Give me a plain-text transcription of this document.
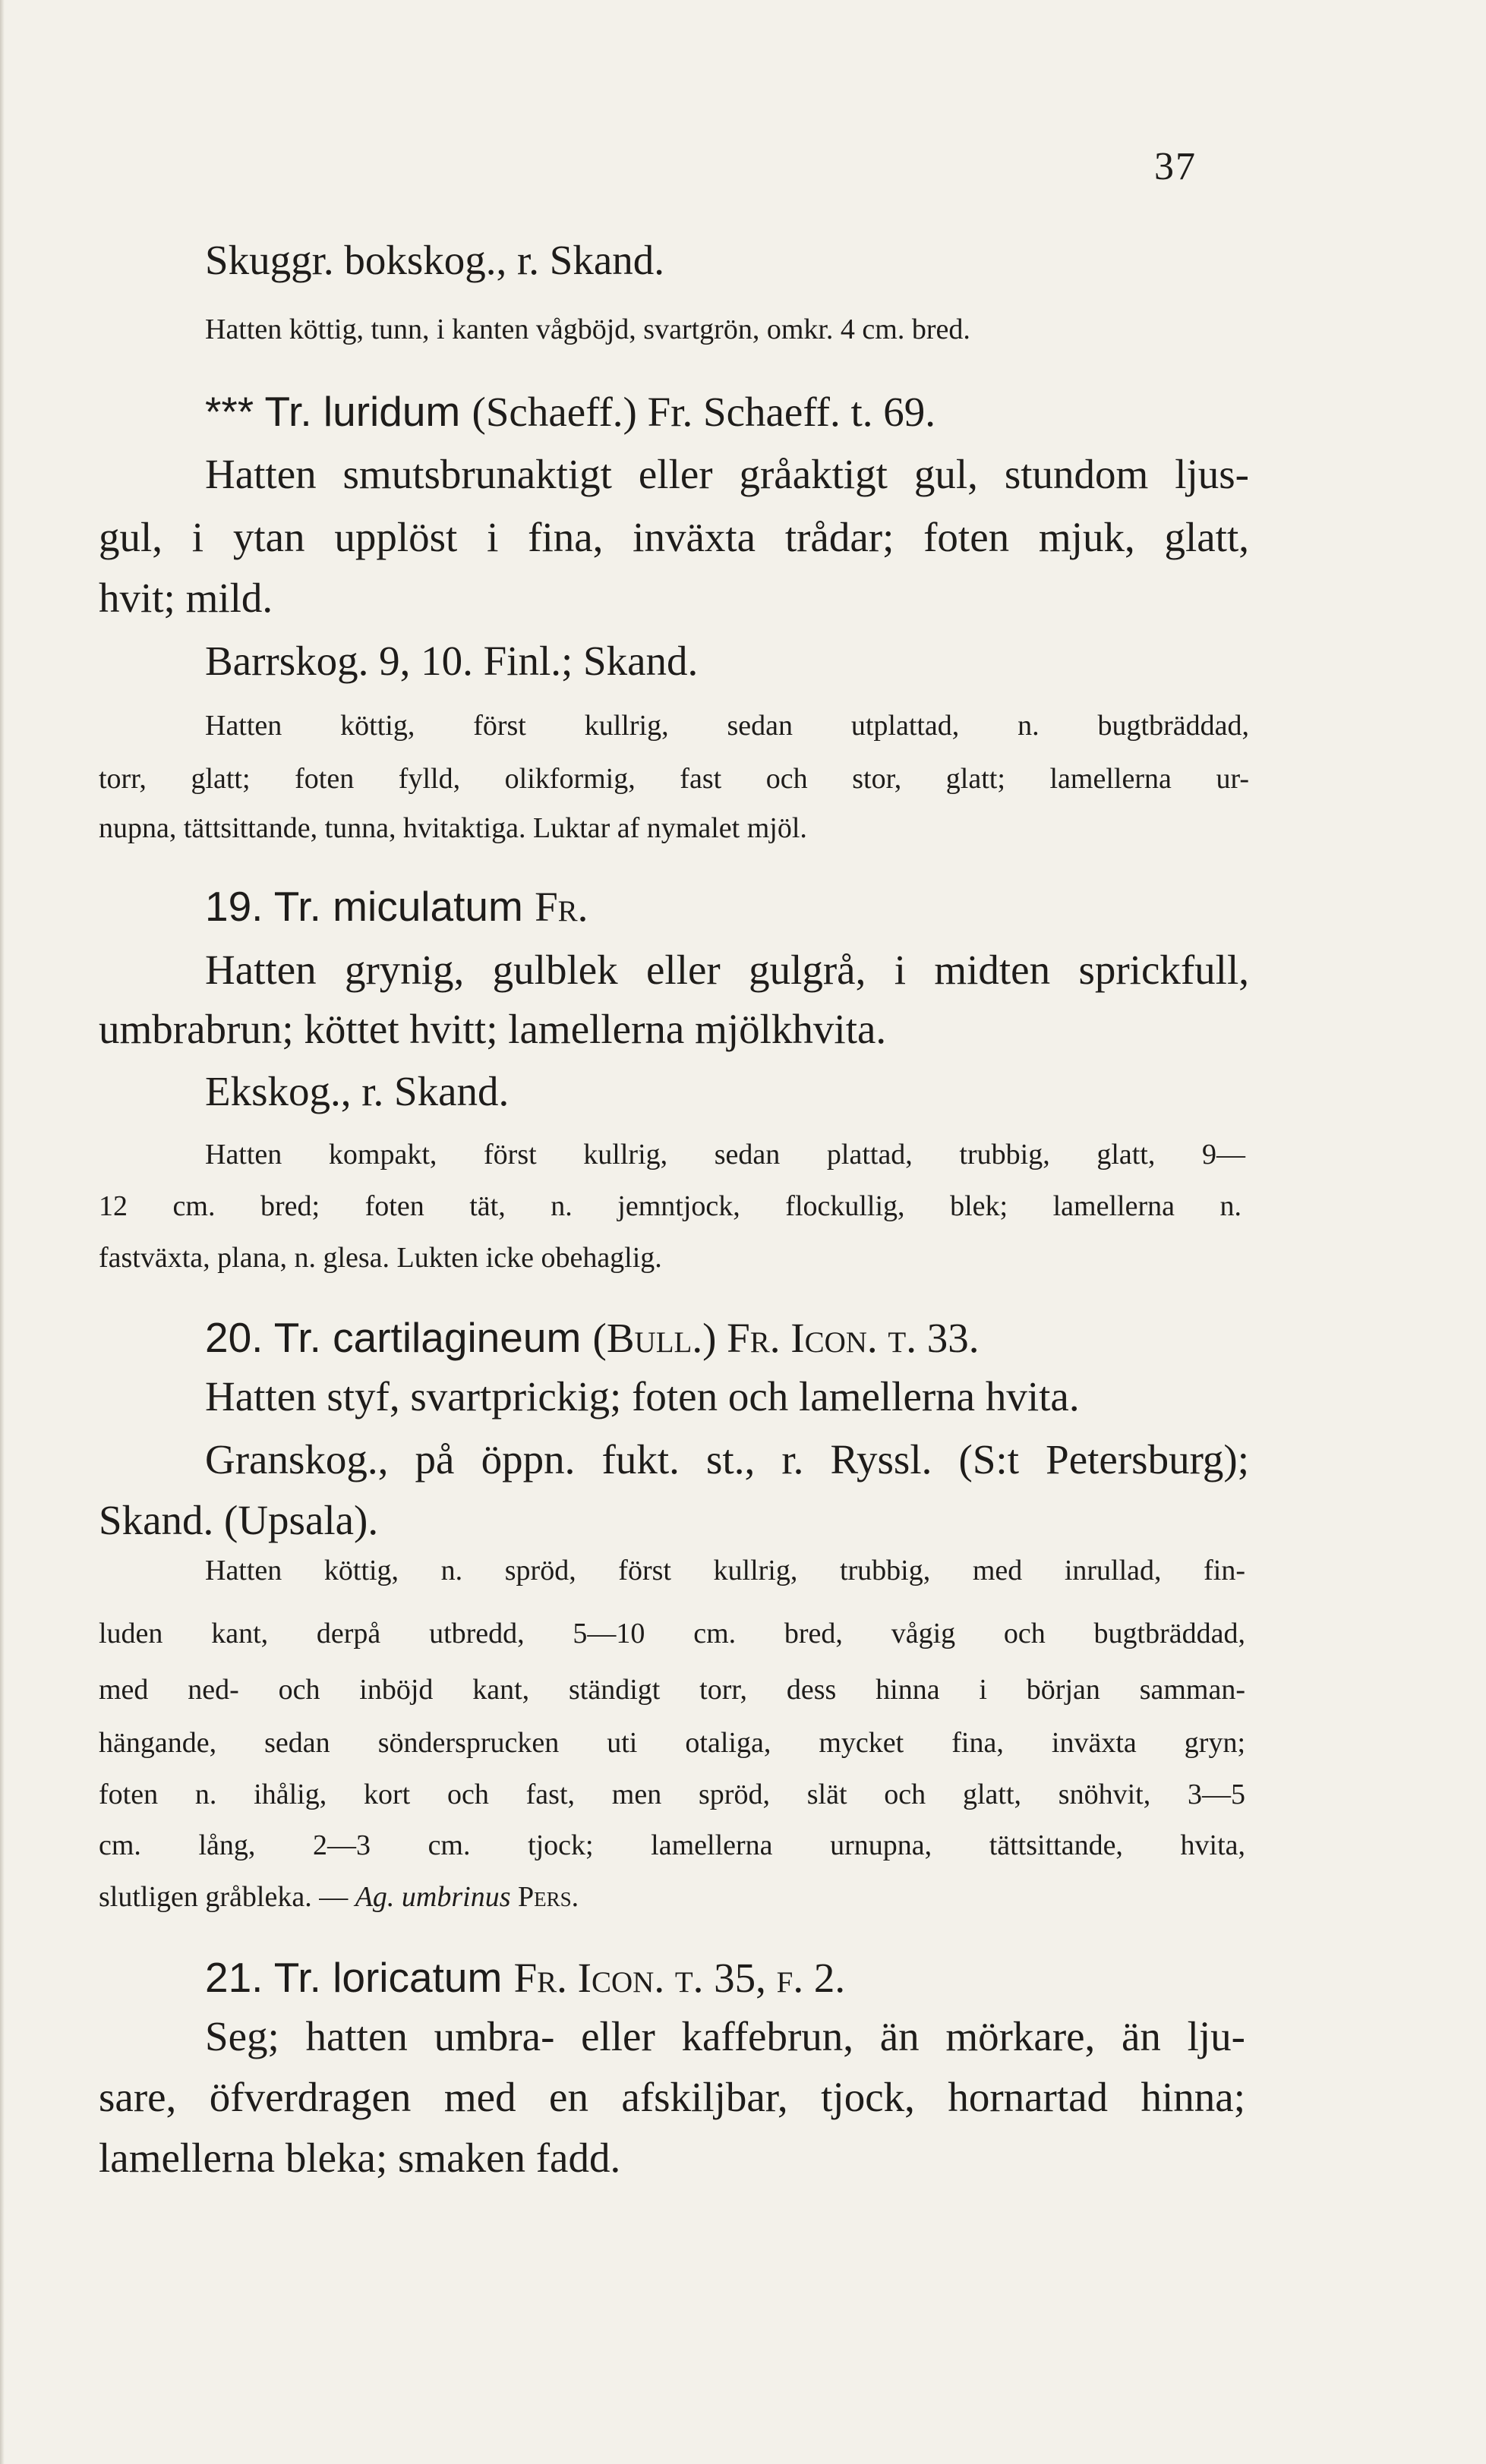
37
Skuggr. bokskog., r. Skand.
Hatten köttig, tunn, i kanten vågböjd, svartgrön, omkr. 4 cm. bred.
*** Tr. luridum (Schaeff.) Fr. Schaeff. t. 69.
Hatten smutsbrunaktigt eller gråaktigt gul, stundom ljus-
gul, i ytan upplöst i fina, inväxta trådar; foten mjuk, glatt,
hvit; mild.
Barrskog. 9, 10. Finl.; Skand.
Hatten köttig, först kullrig, sedan utplattad, n. bugtbräddad,
torr, glatt; foten fylld, olikformig, fast och stor, glatt; lamellerna ur-
nupna, tättsittande, tunna, hvitaktiga. Luktar af nymalet mjöl.
19. Tr. miculatum Fr.
Hatten grynig, gulblek eller gulgrå, i midten sprickfull,
umbrabrun; köttet hvitt; lamellerna mjölkhvita.
Ekskog., r. Skand.
Hatten kompakt, först kullrig, sedan plattad, trubbig, glatt, 9—
12 cm. bred; foten tät, n. jemntjock, flockullig, blek; lamellerna n.
fastväxta, plana, n. glesa. Lukten icke obehaglig.
20. Tr. cartilagineum (Bull.) Fr. Icon. t. 33.
Hatten styf, svartprickig; foten och lamellerna hvita.
Granskog., på öppn. fukt. st., r. Ryssl. (S:t Petersburg);
Skand. (Upsala).
Hatten köttig, n. spröd, först kullrig, trubbig, med inrullad, fin-
luden kant, derpå utbredd, 5—10 cm. bred, vågig och bugtbräddad,
med ned- och inböjd kant, ständigt torr, dess hinna i början samman-
hängande, sedan söndersprucken uti otaliga, mycket fina, inväxta gryn;
foten n. ihålig, kort och fast, men spröd, slät och glatt, snöhvit, 3—5
cm. lång, 2—3 cm. tjock; lamellerna urnupna, tättsittande, hvita,
slutligen gråbleka. — Ag. umbrinus Pers.
21. Tr. loricatum Fr. Icon. t. 35, f. 2.
Seg; hatten umbra- eller kaffebrun, än mörkare, än lju-
sare, öfverdragen med en afskiljbar, tjock, hornartad hinna;
lamellerna bleka; smaken fadd.
